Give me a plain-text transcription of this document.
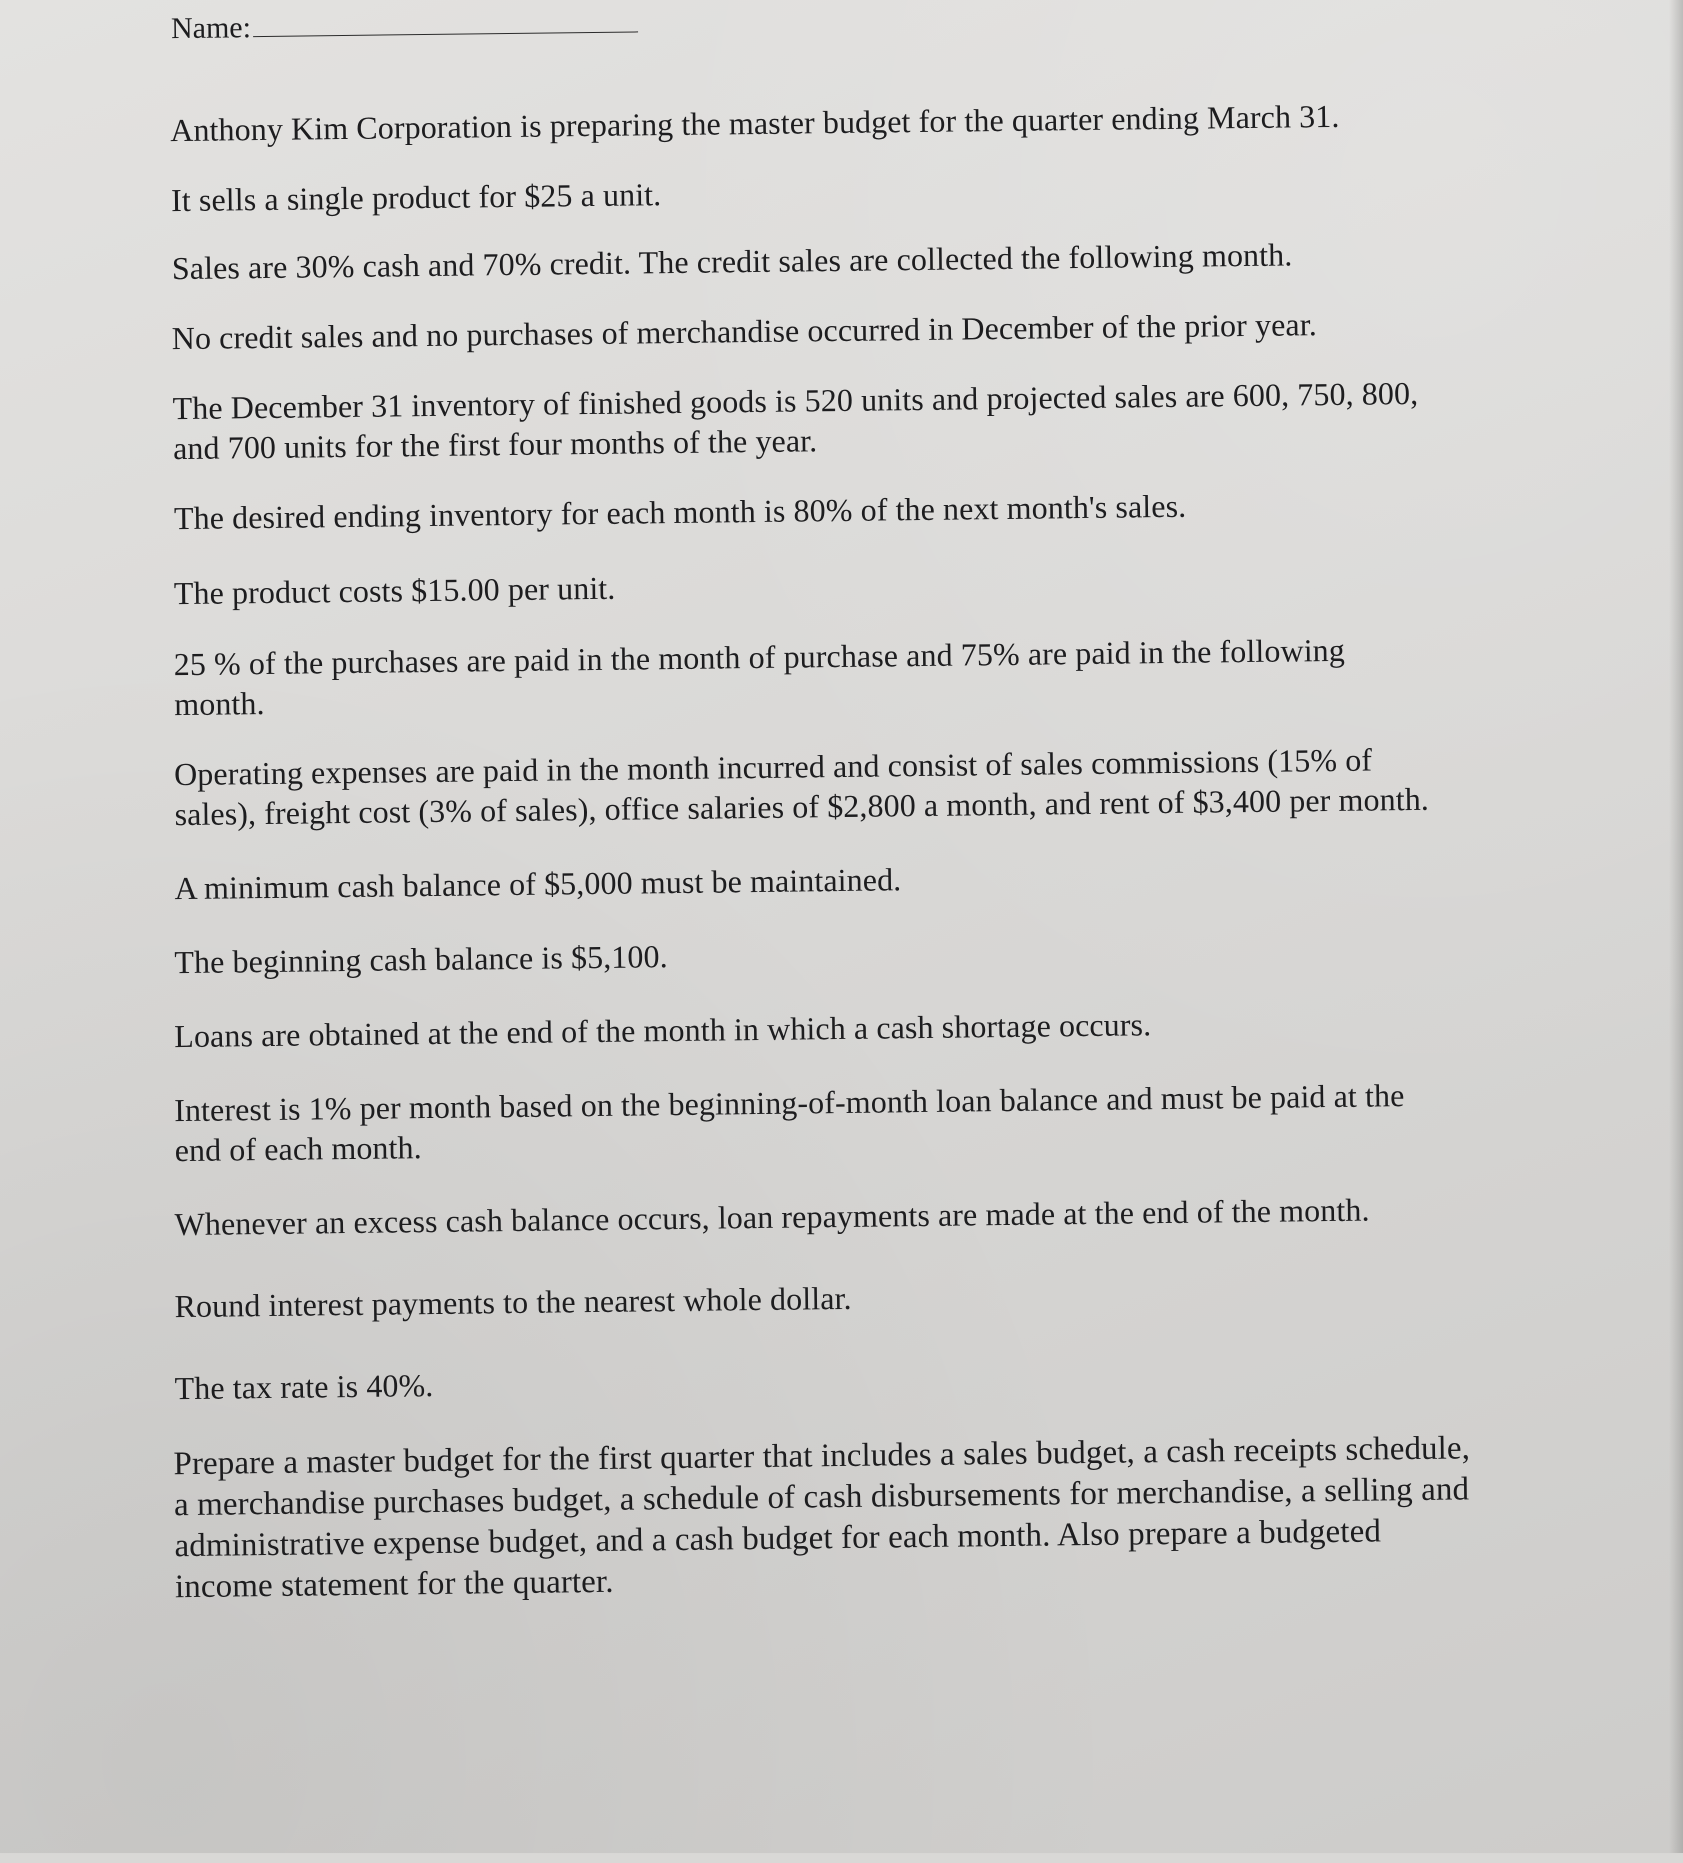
Name:

Anthony Kim Corporation is preparing the master budget for the quarter ending March 31.

It sells a single product for $25 a unit.

Sales are 30% cash and 70% credit. The credit sales are collected the following month.

No credit sales and no purchases of merchandise occurred in December of the prior year.

The December 31 inventory of finished goods is 520 units and projected sales are 600, 750, 800,

and 700 units for the first four months of the year.

The desired ending inventory for each month is 80% of the next month's sales.

The product costs $15.00 per unit.

25 % of the purchases are paid in the month of purchase and 75% are paid in the following

month.

Operating expenses are paid in the month incurred and consist of sales commissions (15% of

sales), freight cost (3% of sales), office salaries of $2,800 a month, and rent of $3,400 per month.

A minimum cash balance of $5,000 must be maintained.

The beginning cash balance is $5,100.

Loans are obtained at the end of the month in which a cash shortage occurs.

Interest is 1% per month based on the beginning-of-month loan balance and must be paid at the

end of each month.

Whenever an excess cash balance occurs, loan repayments are made at the end of the month.

Round interest payments to the nearest whole dollar.

The tax rate is 40%.

Prepare a master budget for the first quarter that includes a sales budget, a cash receipts schedule,

a merchandise purchases budget, a schedule of cash disbursements for merchandise, a selling and

administrative expense budget, and a cash budget for each month. Also prepare a budgeted

income statement for the quarter.
